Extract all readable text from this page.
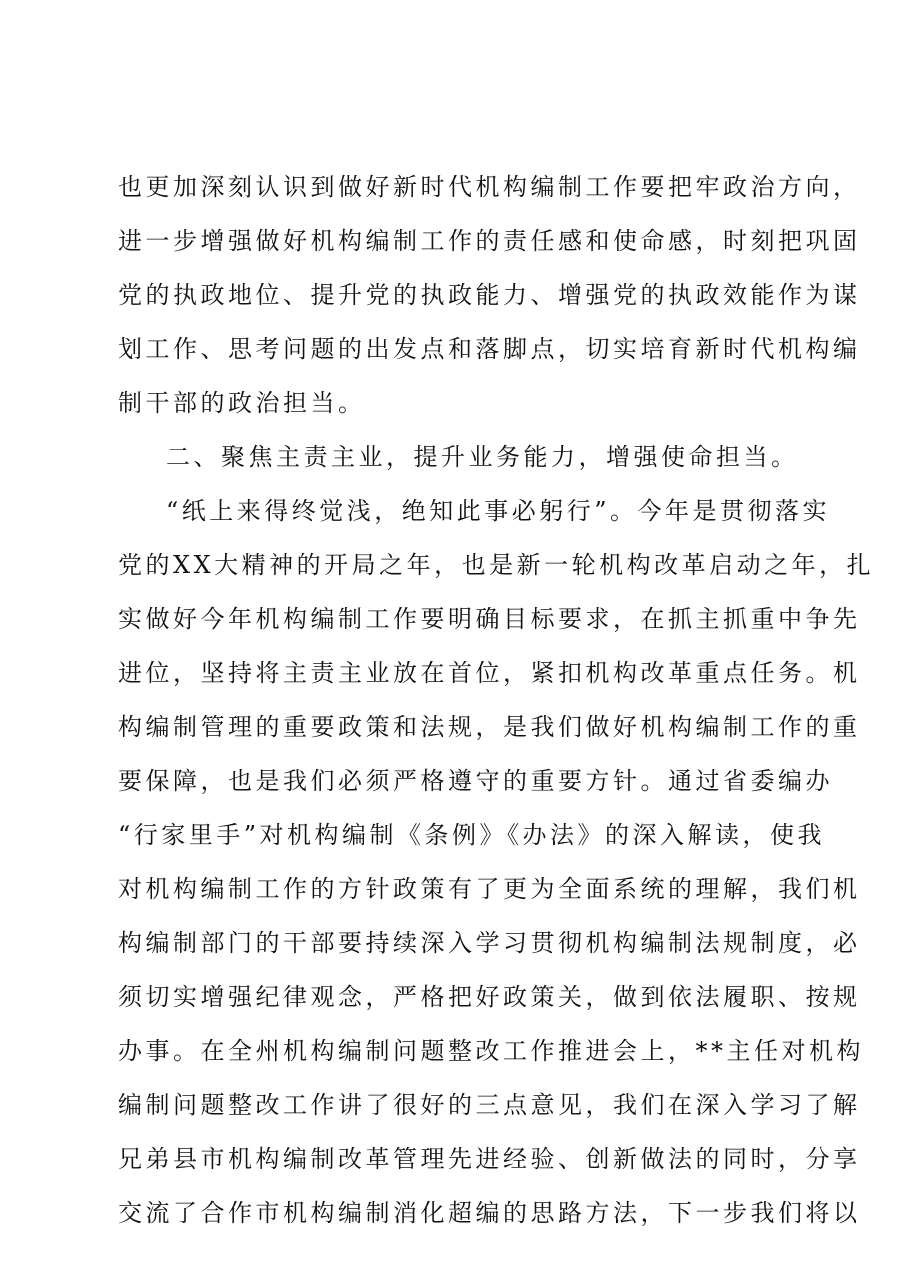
也更加深刻认识到做好新时代机构编制工作要把牢政治方向，
进一步增强做好机构编制工作的责任感和使命感，时刻把巩固
党的执政地位、提升党的执政能力、增强党的执政效能作为谋
划工作、思考问题的出发点和落脚点，切实培育新时代机构编
制干部的政治担当。
二、聚焦主责主业，提升业务能力，增强使命担当。
“纸上来得终觉浅，绝知此事必躬行”。今年是贯彻落实
党的XX大精神的开局之年，也是新一轮机构改革启动之年，扎
实做好今年机构编制工作要明确目标要求，在抓主抓重中争先
进位，坚持将主责主业放在首位，紧扣机构改革重点任务。机
构编制管理的重要政策和法规，是我们做好机构编制工作的重
要保障，也是我们必须严格遵守的重要方针。通过省委编办
“行家里手”对机构编制《条例》《办法》的深入解读，使我
对机构编制工作的方针政策有了更为全面系统的理解，我们机
构编制部门的干部要持续深入学习贯彻机构编制法规制度，必
须切实增强纪律观念，严格把好政策关，做到依法履职、按规
办事。在全州机构编制问题整改工作推进会上，**主任对机构
编制问题整改工作讲了很好的三点意见，我们在深入学习了解
兄弟县市机构编制改革管理先进经验、创新做法的同时，分享
交流了合作市机构编制消化超编的思路方法，下一步我们将以
